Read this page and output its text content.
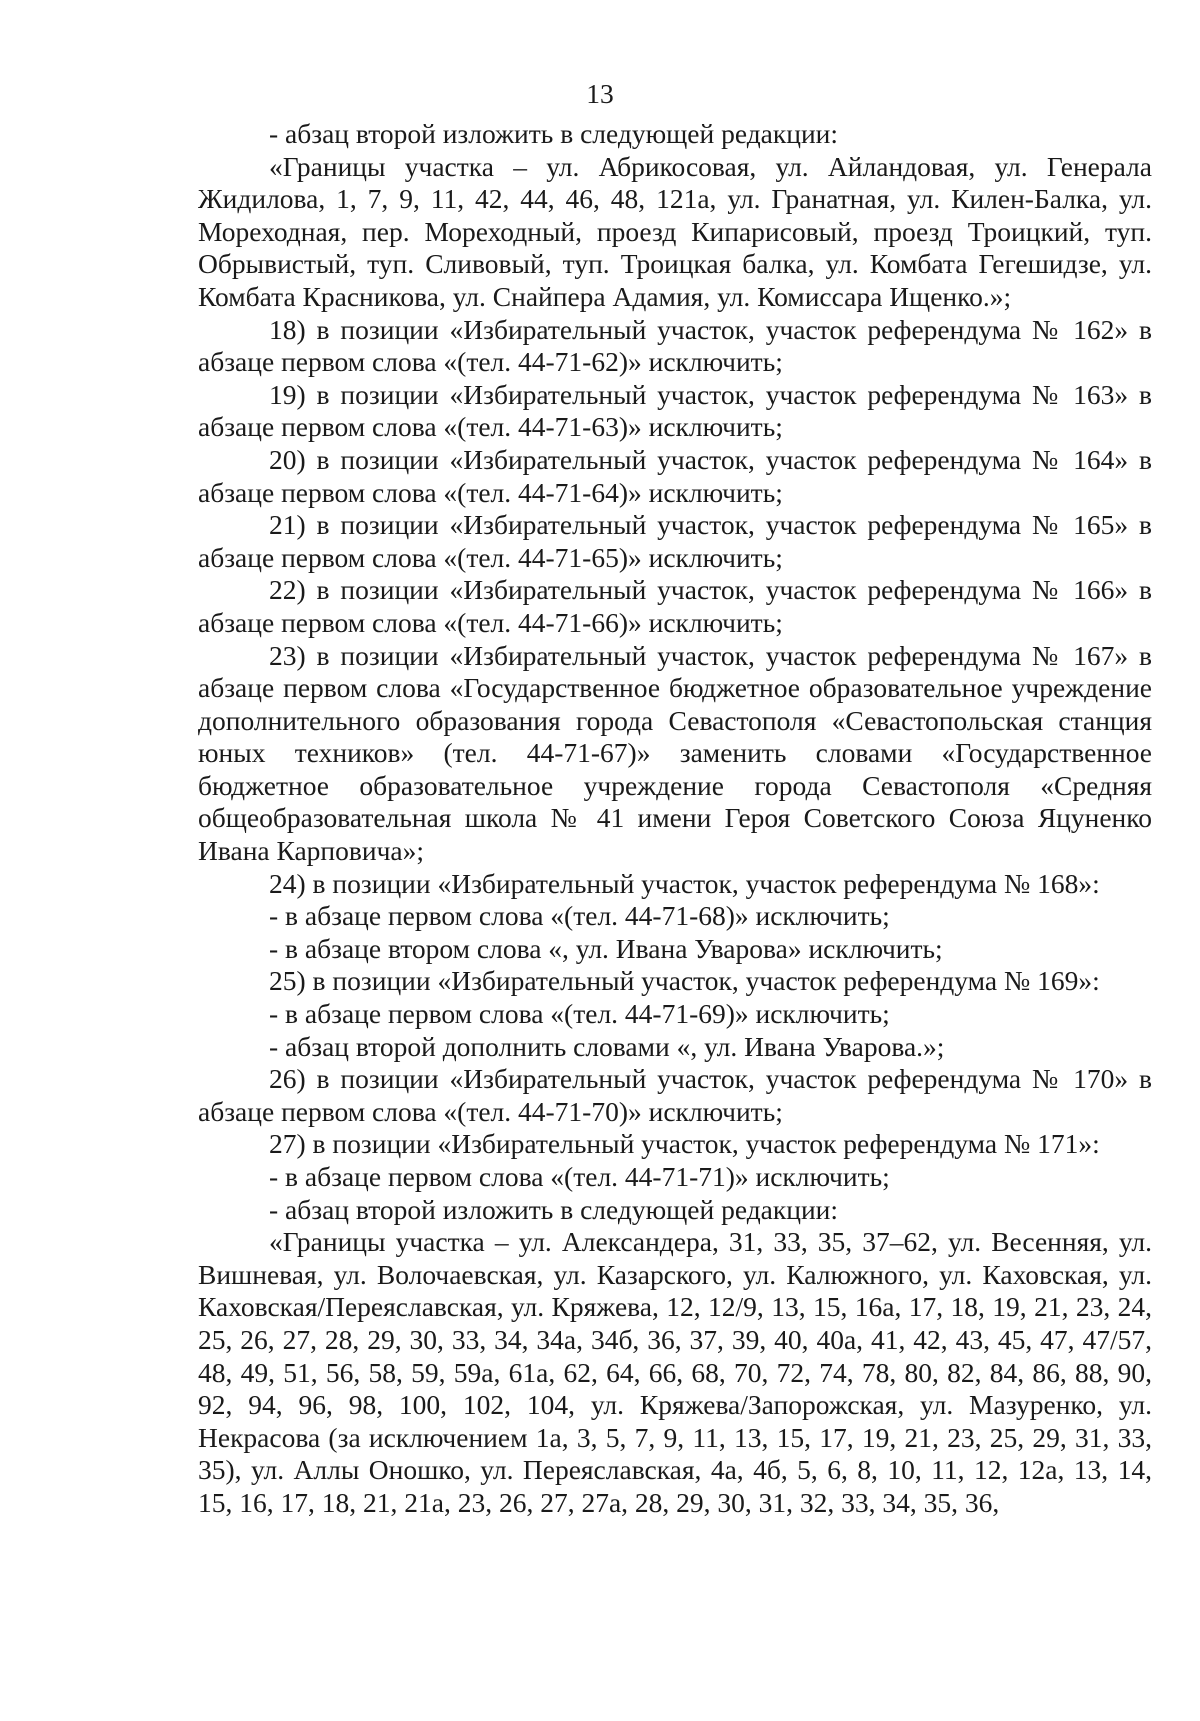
13

- абзац второй изложить в следующей редакции:

«Границы участка – ул. Абрикосовая, ул. Айландовая, ул. Генерала Жидилова, 1, 7, 9, 11, 42, 44, 46, 48, 121а, ул. Гранатная, ул. Килен-Балка, ул. Мореходная, пер. Мореходный, проезд Кипарисовый, проезд Троицкий, туп. Обрывистый, туп. Сливовый, туп. Троицкая балка, ул. Комбата Гегешидзе, ул. Комбата Красникова, ул. Снайпера Адамия, ул. Комиссара Ищенко.»;

18) в позиции «Избирательный участок, участок референдума № 162» в абзаце первом слова «(тел. 44-71-62)» исключить;

19) в позиции «Избирательный участок, участок референдума № 163» в абзаце первом слова «(тел. 44-71-63)» исключить;

20) в позиции «Избирательный участок, участок референдума № 164» в абзаце первом слова «(тел. 44-71-64)» исключить;

21) в позиции «Избирательный участок, участок референдума № 165» в абзаце первом слова «(тел. 44-71-65)» исключить;

22) в позиции «Избирательный участок, участок референдума № 166» в абзаце первом слова «(тел. 44-71-66)» исключить;

23) в позиции «Избирательный участок, участок референдума № 167» в абзаце первом слова «Государственное бюджетное образовательное учреждение дополнительного образования города Севастополя «Севастопольская станция юных техников» (тел. 44-71-67)» заменить словами «Государственное бюджетное образовательное учреждение города Севастополя «Средняя общеобразовательная школа № 41 имени Героя Советского Союза Яцуненко Ивана Карповича»;

24) в позиции «Избирательный участок, участок референдума № 168»:

- в абзаце первом слова «(тел. 44-71-68)» исключить;

- в абзаце втором слова «, ул. Ивана Уварова» исключить;

25) в позиции «Избирательный участок, участок референдума № 169»:

- в абзаце первом слова «(тел. 44-71-69)» исключить;

- абзац второй дополнить словами «, ул. Ивана Уварова.»;

26) в позиции «Избирательный участок, участок референдума № 170» в абзаце первом слова «(тел. 44-71-70)» исключить;

27) в позиции «Избирательный участок, участок референдума № 171»:

- в абзаце первом слова «(тел. 44-71-71)» исключить;

- абзац второй изложить в следующей редакции:

«Границы участка – ул. Александера, 31, 33, 35, 37–62, ул. Весенняя, ул. Вишневая, ул. Волочаевская, ул. Казарского, ул. Калюжного, ул. Каховская, ул. Каховская/Переяславская, ул. Кряжева, 12, 12/9, 13, 15, 16а, 17, 18, 19, 21, 23, 24, 25, 26, 27, 28, 29, 30, 33, 34, 34а, 34б, 36, 37, 39, 40, 40а, 41, 42, 43, 45, 47, 47/57, 48, 49, 51, 56, 58, 59, 59а, 61а, 62, 64, 66, 68, 70, 72, 74, 78, 80, 82, 84, 86, 88, 90, 92, 94, 96, 98, 100, 102, 104, ул. Кряжева/Запорожская, ул. Мазуренко, ул. Некрасова (за исключением 1а, 3, 5, 7, 9, 11, 13, 15, 17, 19, 21, 23, 25, 29, 31, 33, 35), ул. Аллы Оношко, ул. Переяславская, 4а, 4б, 5, 6, 8, 10, 11, 12, 12а, 13, 14, 15, 16, 17, 18, 21, 21а, 23, 26, 27, 27а, 28, 29, 30, 31, 32, 33, 34, 35, 36,
